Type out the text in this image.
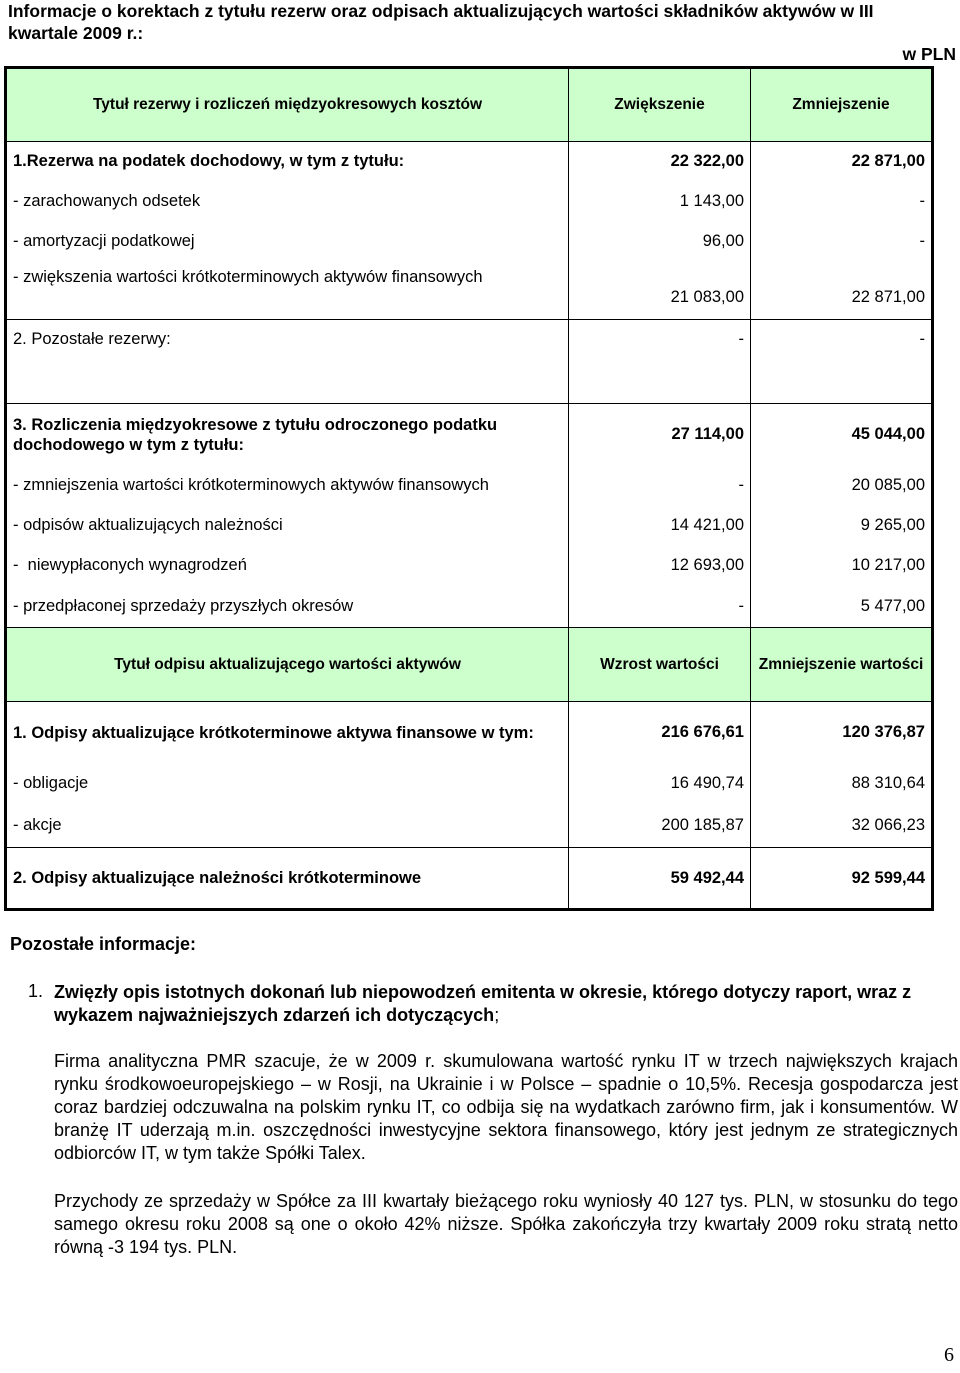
Informacje o korektach z tytułu rezerw oraz odpisach aktualizujących wartości składników aktywów w III kwartale 2009 r.:
w PLN
Tytuł rezerwy i rozliczeń międzyokresowych kosztów	Zwiększenie	Zmniejszenie
1.Rezerwa na podatek dochodowy, w tym z tytułu:	22 322,00	22 871,00
- zarachowanych odsetek	1 143,00	-
- amortyzacji podatkowej	96,00	-
- zwiększenia wartości krótkoterminowych aktywów finansowych	21 083,00	22 871,00
2. Pozostałe rezerwy:	-	-
3. Rozliczenia międzyokresowe z tytułu odroczonego podatku dochodowego w tym z tytułu:	27 114,00	45 044,00
- zmniejszenia wartości krótkoterminowych aktywów finansowych	-	20 085,00
- odpisów aktualizujących należności	14 421,00	9 265,00
-  niewypłaconych wynagrodzeń	12 693,00	10 217,00
- przedpłaconej sprzedaży przyszłych okresów	-	5 477,00
Tytuł odpisu aktualizującego wartości aktywów	Wzrost wartości	Zmniejszenie wartości
1. Odpisy aktualizujące krótkoterminowe aktywa finansowe w tym:	216 676,61	120 376,87
- obligacje	16 490,74	88 310,64
- akcje	200 185,87	32 066,23
2. Odpisy aktualizujące należności krótkoterminowe	59 492,44	92 599,44
Pozostałe informacje:
1. Zwięzły opis istotnych dokonań lub niepowodzeń emitenta w okresie, którego dotyczy raport, wraz z wykazem najważniejszych zdarzeń ich dotyczących;
Firma analityczna PMR szacuje, że w 2009 r. skumulowana wartość rynku IT w trzech największych krajach rynku środkowoeuropejskiego – w Rosji, na Ukrainie i w Polsce – spadnie o 10,5%. Recesja gospodarcza jest coraz bardziej odczuwalna na polskim rynku IT, co odbija się na wydatkach zarówno firm, jak i konsumentów. W branżę IT uderzają m.in. oszczędności inwestycyjne sektora finansowego, który jest jednym ze strategicznych odbiorców IT, w tym także Spółki Talex.
Przychody ze sprzedaży w Spółce za III kwartały bieżącego roku wyniosły 40 127 tys. PLN, w stosunku do tego samego okresu roku 2008 są one o około 42% niższe. Spółka zakończyła trzy kwartały 2009 roku stratą netto równą -3 194 tys. PLN.
6
